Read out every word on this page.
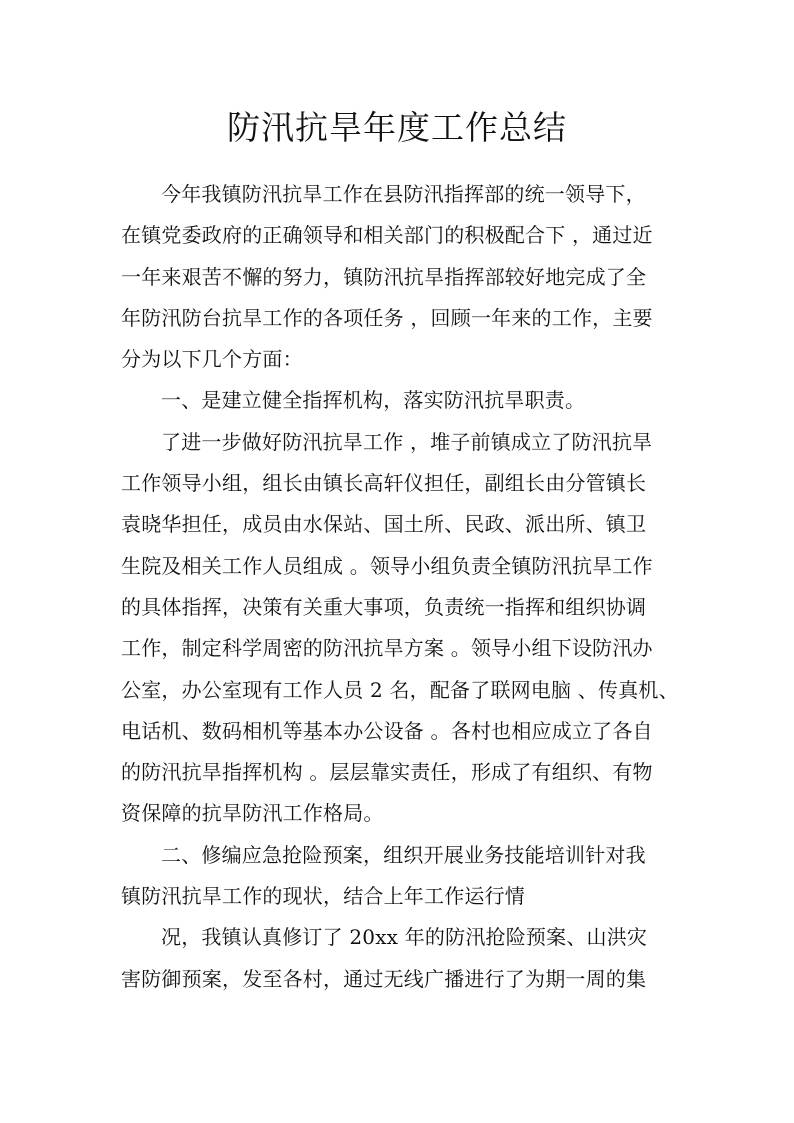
防汛抗旱年度工作总结
今年我镇防汛抗旱工作在县防汛指挥部的统一领导下，
在镇党委政府的正确领导和相关部门的积极配合下 ，通过近
一年来艰苦不懈的努力，镇防汛抗旱指挥部较好地完成了全
年防汛防台抗旱工作的各项任务 ，回顾一年来的工作，主要
分为以下几个方面：
一、是建立健全指挥机构，落实防汛抗旱职责。
了进一步做好防汛抗旱工作 ，堆子前镇成立了防汛抗旱
工作领导小组，组长由镇长高轩仪担任，副组长由分管镇长
袁晓华担任，成员由水保站、国土所、民政、派出所、镇卫
生院及相关工作人员组成 。领导小组负责全镇防汛抗旱工作
的具体指挥，决策有关重大事项，负责统一指挥和组织协调
工作，制定科学周密的防汛抗旱方案 。领导小组下设防汛办
公室，办公室现有工作人员 2 名，配备了联网电脑 、传真机、
电话机、数码相机等基本办公设备 。各村也相应成立了各自
的防汛抗旱指挥机构 。层层靠实责任，形成了有组织、有物
资保障的抗旱防汛工作格局。
二、修编应急抢险预案，组织开展业务技能培训针对我
镇防汛抗旱工作的现状，结合上年工作运行情
况，我镇认真修订了 20xx 年的防汛抢险预案、山洪灾
害防御预案，发至各村，通过无线广播进行了为期一周的集
